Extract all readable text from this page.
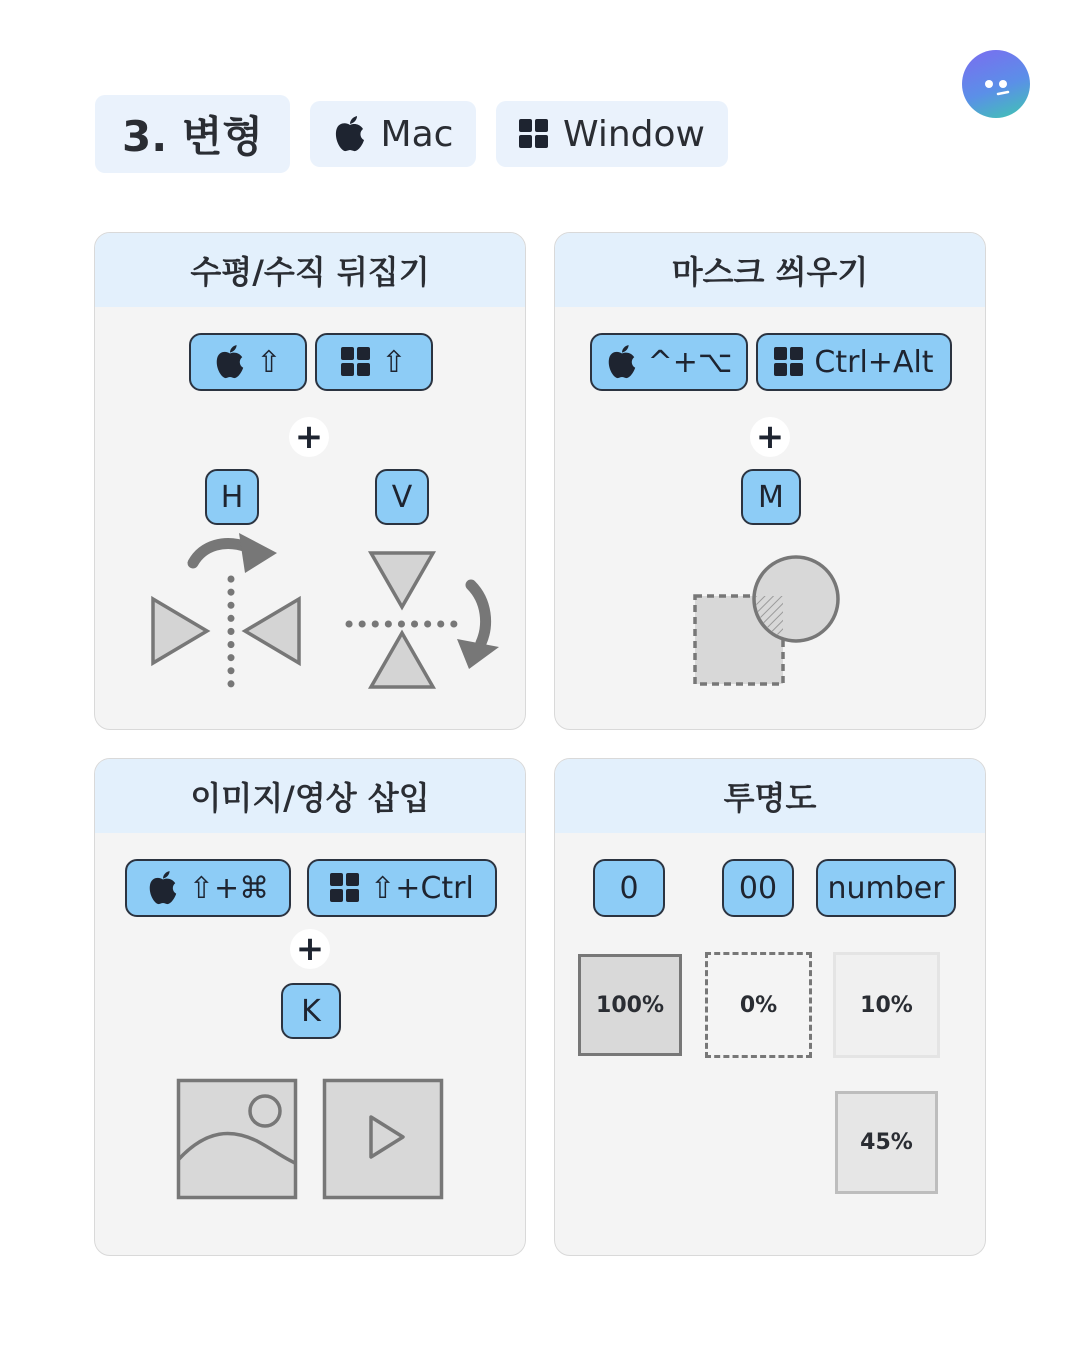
3. 변형	Mac	Window
수평/수직 뒤집기
⇧	⇧
+
H	V
마스크 씌우기
^+⌥	Ctrl+Alt
+
M
이미지/영상 삽입
⇧+⌘	⇧+Ctrl
+
K
투명도
0	00	number
100%	0%	10%
45%
